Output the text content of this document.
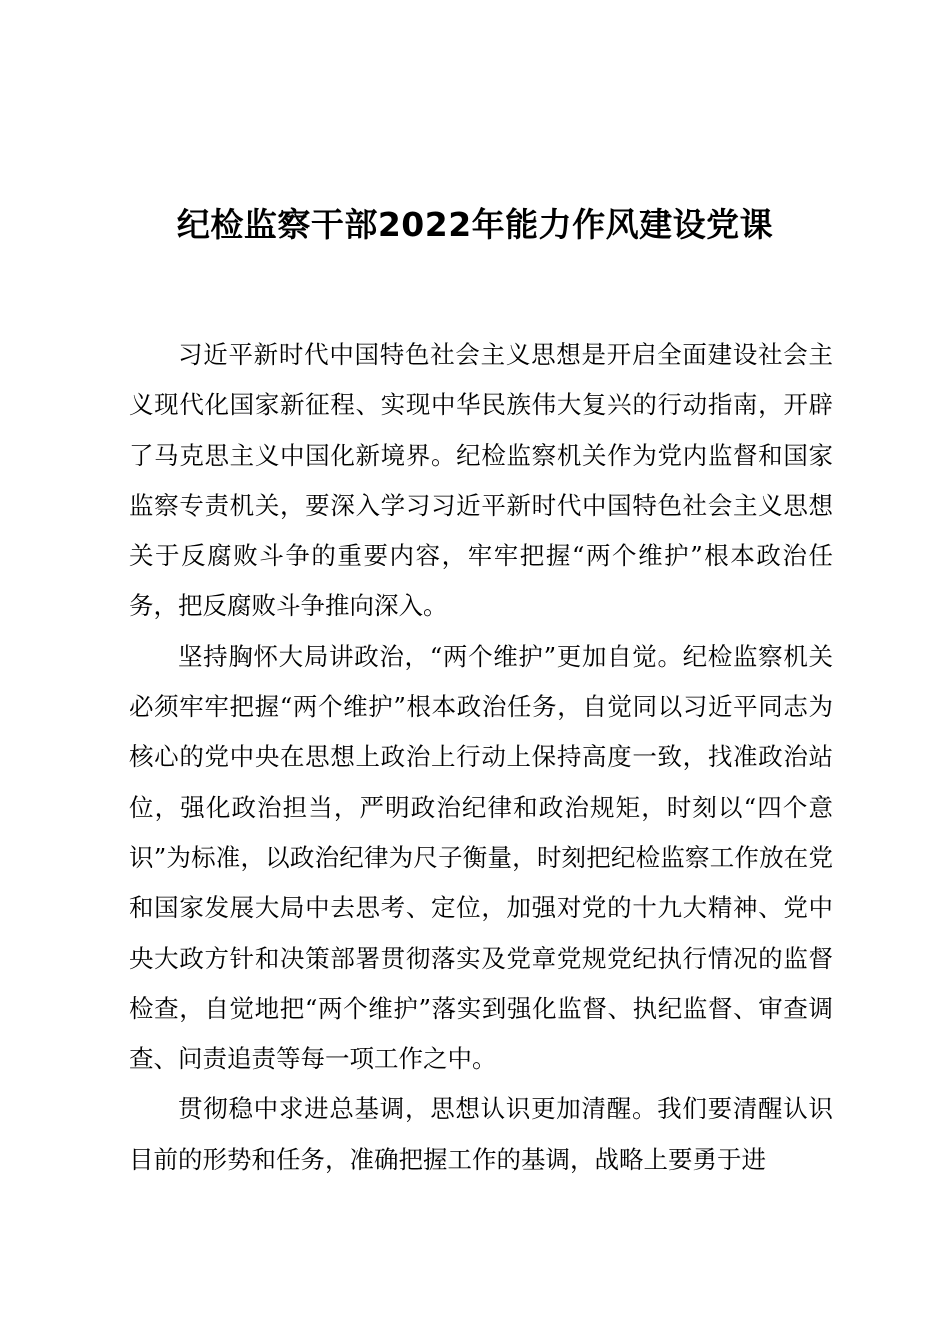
纪检监察干部2022年能力作风建设党课

习近平新时代中国特色社会主义思想是开启全面建设社会主义现代化国家新征程、实现中华民族伟大复兴的行动指南，开辟了马克思主义中国化新境界。纪检监察机关作为党内监督和国家监察专责机关，要深入学习习近平新时代中国特色社会主义思想关于反腐败斗争的重要内容，牢牢把握“两个维护”根本政治任务，把反腐败斗争推向深入。

坚持胸怀大局讲政治，“两个维护”更加自觉。纪检监察机关必须牢牢把握“两个维护”根本政治任务，自觉同以习近平同志为核心的党中央在思想上政治上行动上保持高度一致，找准政治站位，强化政治担当，严明政治纪律和政治规矩，时刻以“四个意识”为标准，以政治纪律为尺子衡量，时刻把纪检监察工作放在党和国家发展大局中去思考、定位，加强对党的十九大精神、党中央大政方针和决策部署贯彻落实及党章党规党纪执行情况的监督检查，自觉地把“两个维护”落实到强化监督、执纪监督、审查调查、问责追责等每一项工作之中。

贯彻稳中求进总基调，思想认识更加清醒。我们要清醒认识目前的形势和任务，准确把握工作的基调，战略上要勇于进
